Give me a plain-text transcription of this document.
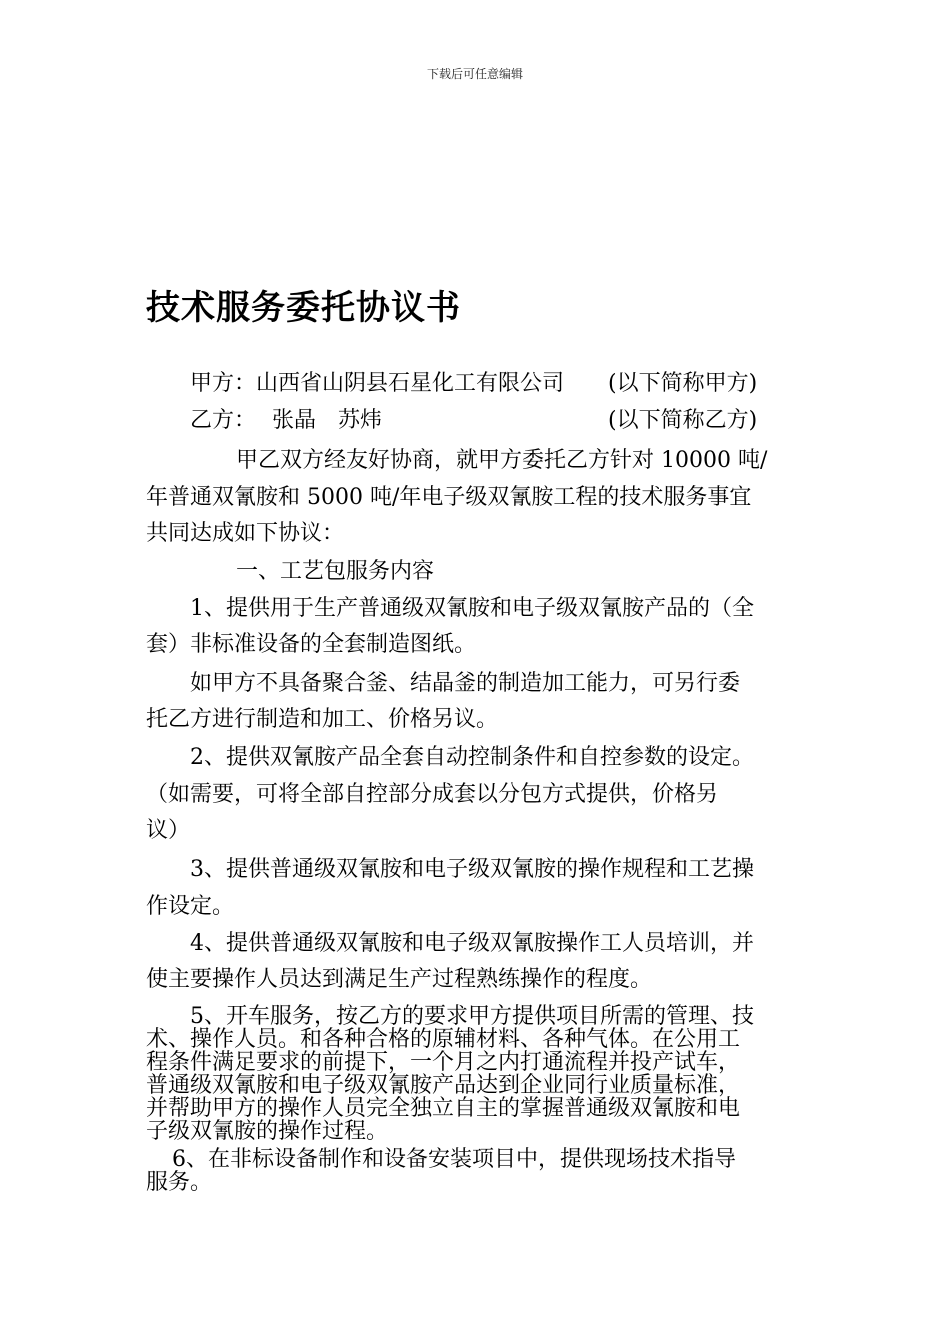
下载后可任意编辑
技术服务委托协议书
甲方：山西省山阴县石星化工有限公司 (以下简称甲方)
乙方： 张晶　苏炜	(以下简称乙方)
甲乙双方经友好协商，就甲方委托乙方针对 10000 吨/
年普通双氰胺和 5000 吨/年电子级双氰胺工程的技术服务事宜
共同达成如下协议：
一、工艺包服务内容
1、提供用于生产普通级双氰胺和电子级双氰胺产品的（全
套）非标准设备的全套制造图纸。
如甲方不具备聚合釜、结晶釜的制造加工能力，可另行委
托乙方进行制造和加工、价格另议。
2、提供双氰胺产品全套自动控制条件和自控参数的设定。
（如需要，可将全部自控部分成套以分包方式提供，价格另
议）
3、提供普通级双氰胺和电子级双氰胺的操作规程和工艺操
作设定。
4、提供普通级双氰胺和电子级双氰胺操作工人员培训，并
使主要操作人员达到满足生产过程熟练操作的程度。
5、开车服务，按乙方的要求甲方提供项目所需的管理、技
术、操作人员。和各种合格的原辅材料、各种气体。在公用工
程条件满足要求的前提下，一个月之内打通流程并投产试车，
普通级双氰胺和电子级双氰胺产品达到企业同行业质量标准，
并帮助甲方的操作人员完全独立自主的掌握普通级双氰胺和电
子级双氰胺的操作过程。
6、在非标设备制作和设备安装项目中，提供现场技术指导
服务。
